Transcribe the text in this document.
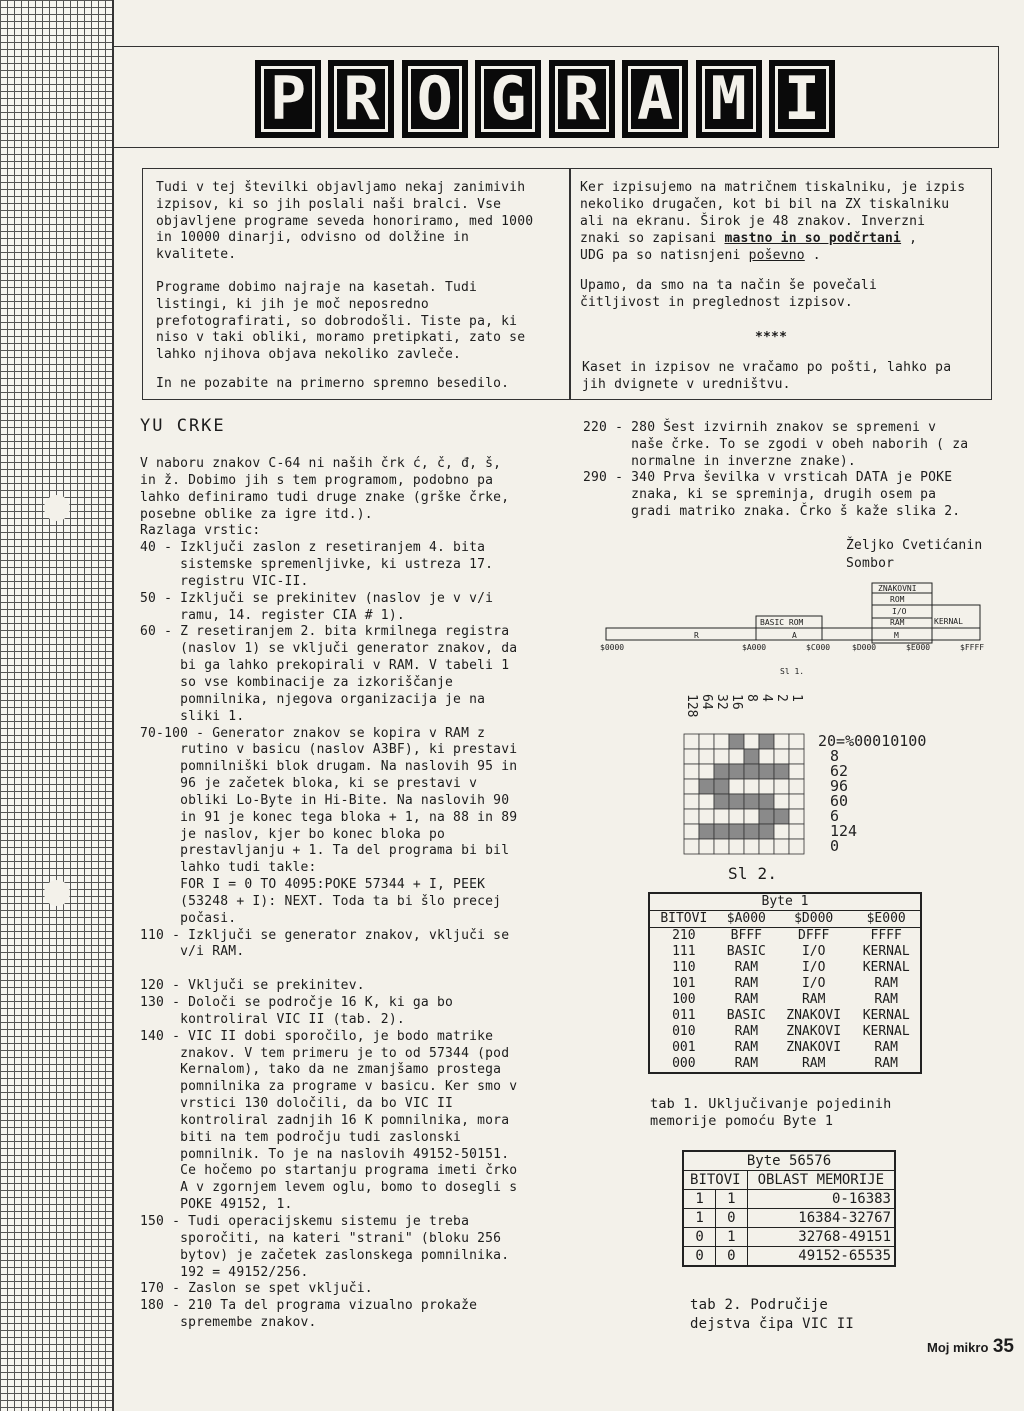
P R O G R A M I
Tudi v tej številki objavljamo nekaj zanimivih
izpisov, ki so jih poslali naši bralci. Vse
objavljene programe seveda honoriramo, med 1000
in 10000 dinarji, odvisno od dolžine in
kvalitete.
Programe dobimo najraje na kasetah. Tudi
listingi, ki jih je moč neposredno
prefotografirati, so dobrodošli. Tiste pa, ki
niso v taki obliki, moramo pretipkati, zato se
lahko njihova objava nekoliko zavleče.
In ne pozabite na primerno spremno besedilo.
Ker izpisujemo na matričnem tiskalniku, je izpis
nekoliko drugačen, kot bi bil na ZX tiskalniku
ali na ekranu. Širok je 48 znakov. Inverzni
znaki so zapisani mastno in so podčrtani ,
UDG pa so natisnjeni poševno .
Upamo, da smo na ta način še povečali
čitljivost in preglednost izpisov.
****
Kaset in izpisov ne vračamo po pošti, lahko pa
jih dvignete v uredništvu.
YU CRKE
V naboru znakov C-64 ni naših črk ć, č, đ, š,
in ž. Dobimo jih s tem programom, podobno pa
lahko definiramo tudi druge znake (grške črke,
posebne oblike za igre itd.).
Razlaga vrstic:
40 - Izključi zaslon z resetiranjem 4. bita
sistemske spremenljivke, ki ustreza 17.
registru VIC-II.
50 - Izključi se prekinitev (naslov je v v/i
ramu, 14. register CIA # 1).
60 - Z resetiranjem 2. bita krmilnega registra
(naslov 1) se vključi generator znakov, da
bi ga lahko prekopirali v RAM. V tabeli 1
so vse kombinacije za izkoriščanje
pomnilnika, njegova organizacija je na
sliki 1.
70-100 - Generator znakov se kopira v RAM z
rutino v basicu (naslov A3BF), ki prestavi
pomnilniški blok drugam. Na naslovih 95 in
96 je začetek bloka, ki se prestavi v
obliki Lo-Byte in Hi-Bite. Na naslovih 90
in 91 je konec tega bloka + 1, na 88 in 89
je naslov, kjer bo konec bloka po
prestavljanju + 1. Ta del programa bi bil
lahko tudi takle:
FOR I = 0 TO 4095:POKE 57344 + I, PEEK
(53248 + I): NEXT. Toda ta bi šlo precej
počasi.
110 - Izključi se generator znakov, vključi se
v/i RAM.

120 - Vključi se prekinitev.
130 - Določi se področje 16 K, ki ga bo
kontroliral VIC II (tab. 2).
140 - VIC II dobi sporočilo, je bodo matrike
znakov. V tem primeru je to od 57344 (pod
Kernalom), tako da ne zmanjšamo prostega
pomnilnika za programe v basicu. Ker smo v
vrstici 130 določili, da bo VIC II
kontroliral zadnjih 16 K pomnilnika, mora
biti na tem področju tudi zaslonski
pomnilnik. To je na naslovih 49152-50151.
Ce hočemo po startanju programa imeti črko
A v zgornjem levem oglu, bomo to dosegli s
POKE 49152, 1.
150 - Tudi operacijskemu sistemu je treba
sporočiti, na kateri "strani" (bloku 256
bytov) je začetek zaslonskega pomnilnika.
192 = 49152/256.
170 - Zaslon se spet vključi.
180 - 210 Ta del programa vizualno prokaže
spremembe znakov.
220 - 280 Šest izvirnih znakov se spremeni v
naše črke. To se zgodi v obeh naborih ( za
normalne in inverzne znake).
290 - 340 Prva ševilka v vrsticah DATA je POKE
znaka, ki se spreminja, drugih osem pa
gradi matriko znaka. Črko š kaže slika 2.
Željko Cvetićanin
Sombor
ZNAKOVNI
ROM
I/O
RAM	KERNAL
BASIC ROM
R	A	M
$0000	$A000	$C000	$D000	$E000	$FFFF
Sl 1.
128 64 32 16 8 4 2 1
20=%00010100
8
62
96
60
6
124
0
Sl 2.
Byte 1			
BITOVI	$A000	$D000	$E000
210	BFFF	DFFF	FFFF
111	BASIC	I/O	KERNAL
110	RAM	I/O	KERNAL
101	RAM	I/O	RAM
100	RAM	RAM	RAM
011	BASIC	ZNAKOVI	KERNAL
010	RAM	ZNAKOVI	KERNAL
001	RAM	ZNAKOVI	RAM
000	RAM	RAM	RAM
tab 1. Uključivanje pojedinih
memorije pomoću Byte 1
Byte 56576		
BITOVI		OBLAST MEMORIJE
1	1	0-16383
1	0	16384-32767
0	1	32768-49151
0	0	49152-65535
tab 2. Područije
dejstva čipa VIC II
Moj mikro 35
